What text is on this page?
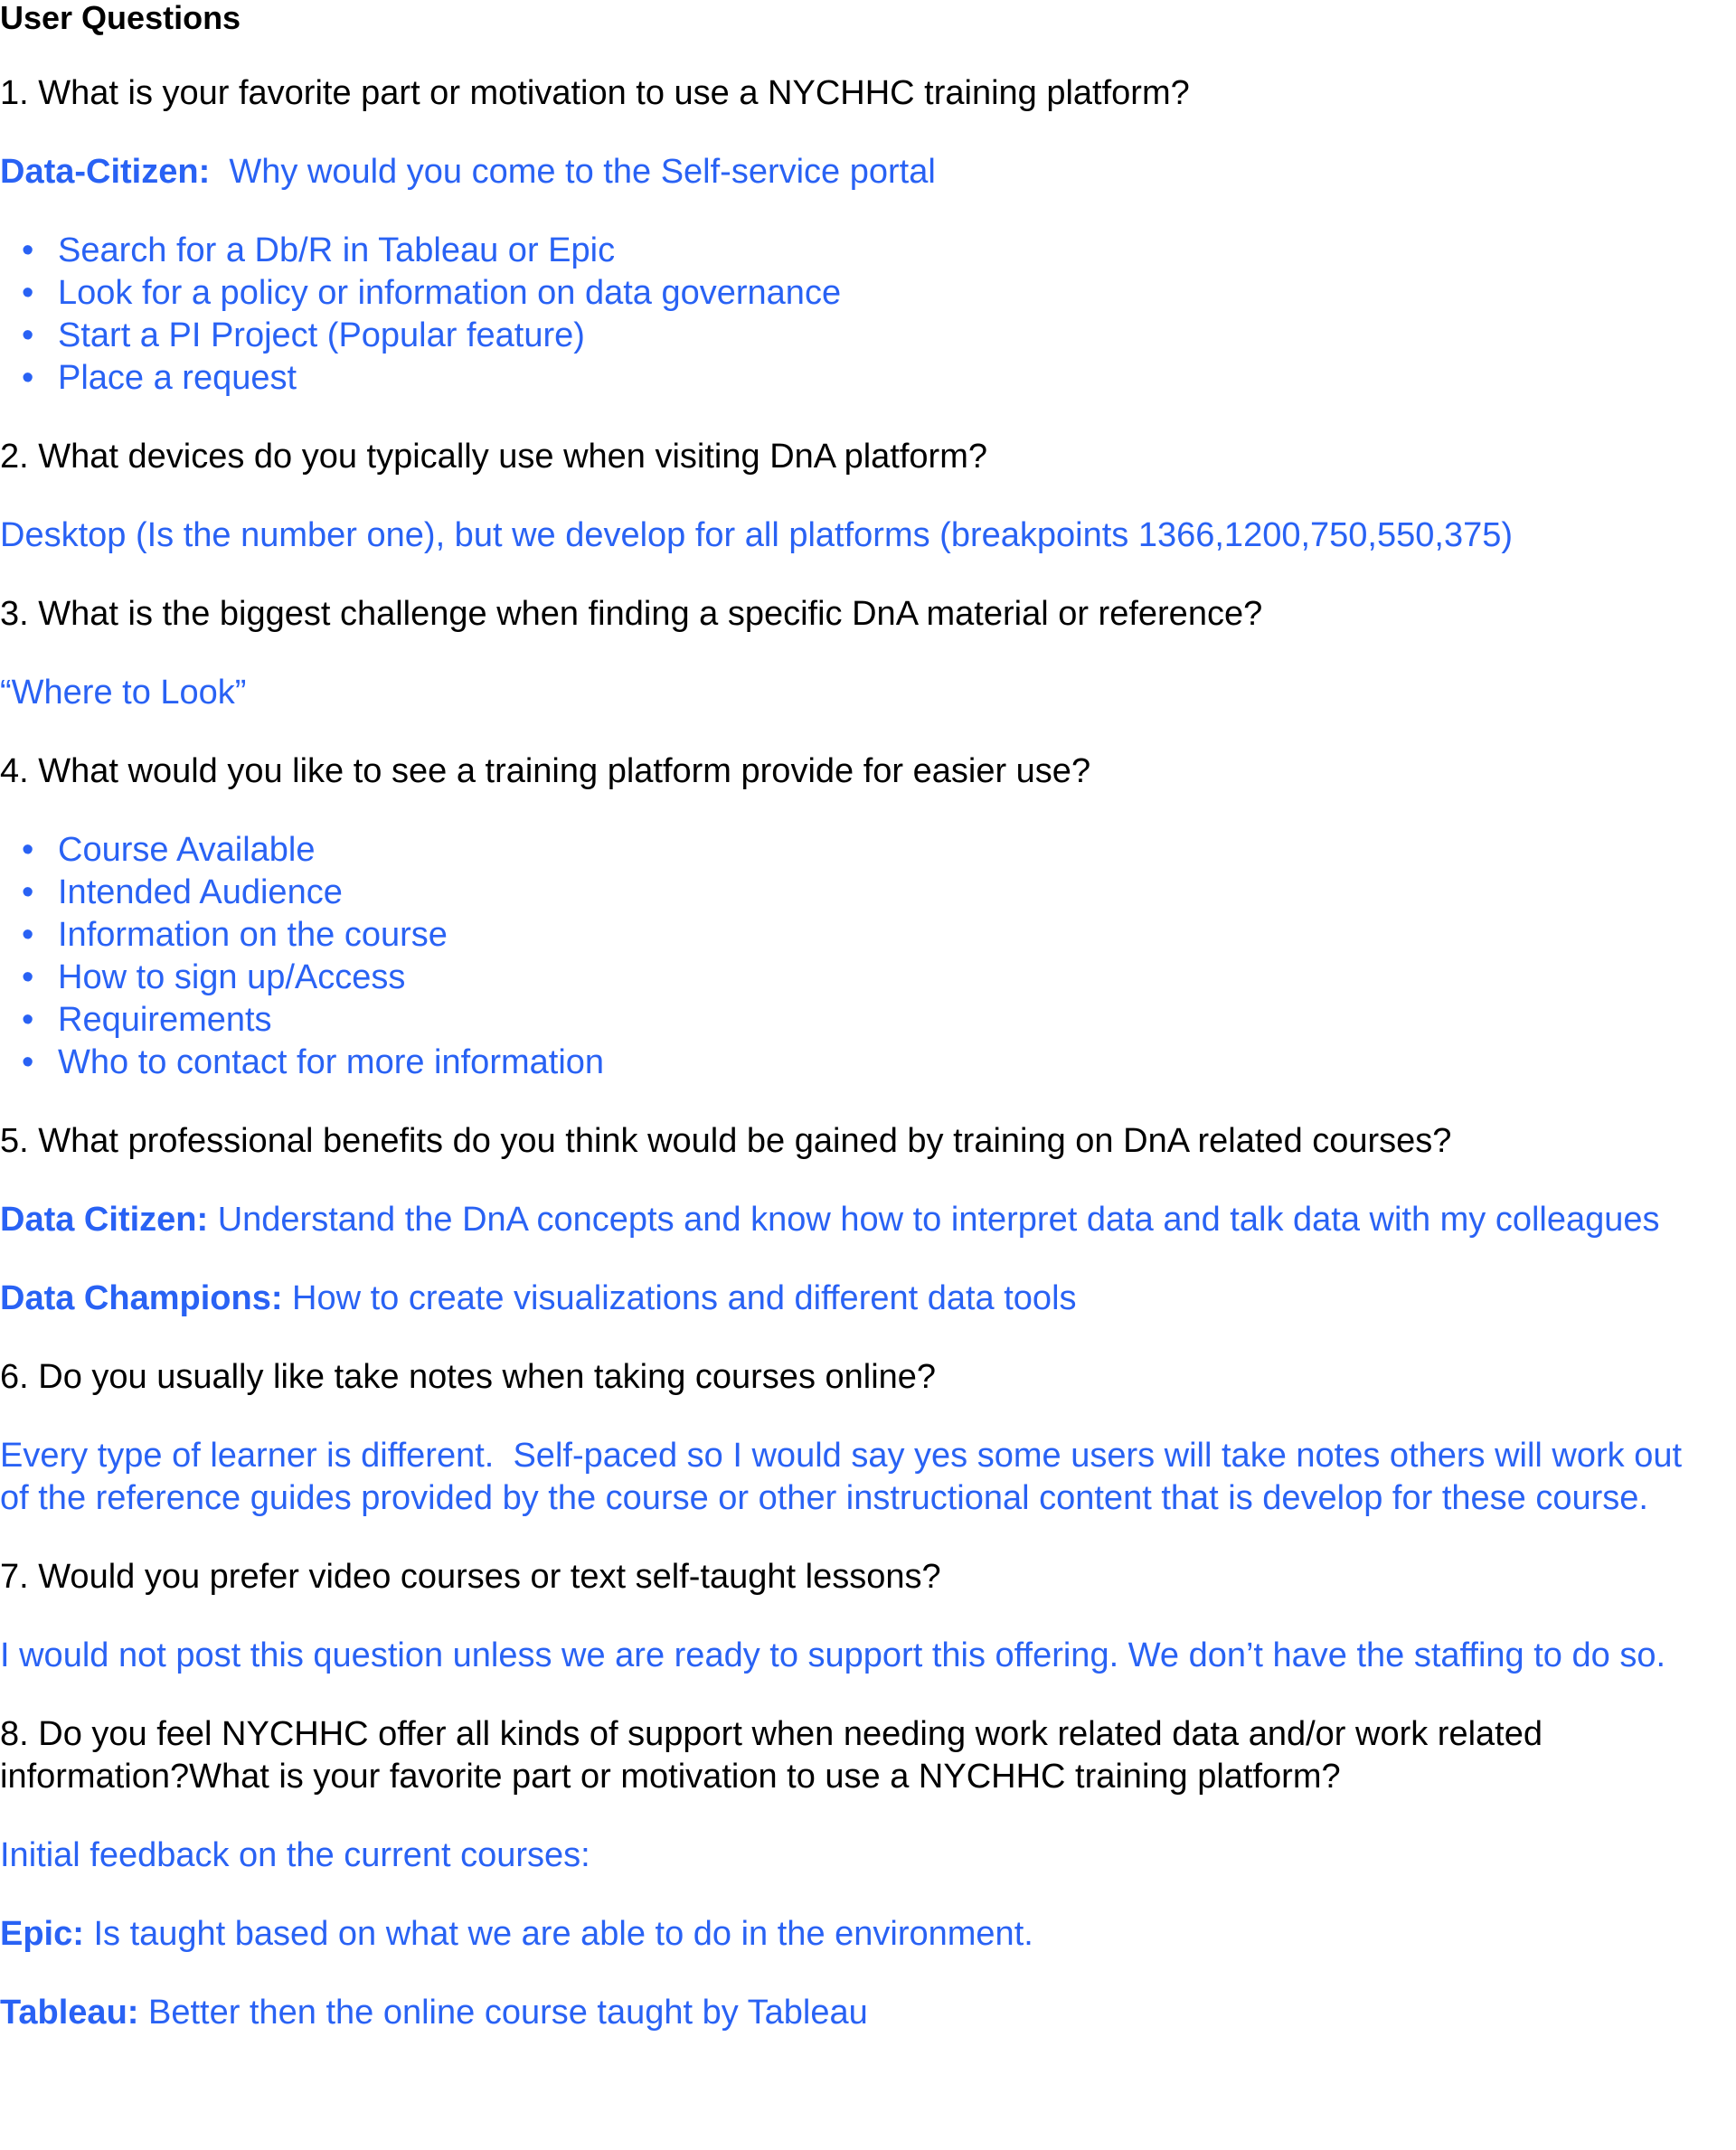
User Questions
1. What is your favorite part or motivation to use a NYCHHC training platform?
Data-Citizen:  Why would you come to the Self-service portal
• Search for a Db/R in Tableau or Epic
• Look for a policy or information on data governance
• Start a PI Project (Popular feature)
• Place a request
2. What devices do you typically use when visiting DnA platform?
Desktop (Is the number one), but we develop for all platforms (breakpoints 1366,1200,750,550,375)
3. What is the biggest challenge when finding a specific DnA material or reference?
“Where to Look”
4. What would you like to see a training platform provide for easier use?
• Course Available
• Intended Audience
• Information on the course
• How to sign up/Access
• Requirements
• Who to contact for more information
5. What professional benefits do you think would be gained by training on DnA related courses?
Data Citizen: Understand the DnA concepts and know how to interpret data and talk data with my colleagues
Data Champions: How to create visualizations and different data tools
6. Do you usually like take notes when taking courses online?
Every type of learner is different.  Self-paced so I would say yes some users will take notes others will work out of the reference guides provided by the course or other instructional content that is develop for these course.
7. Would you prefer video courses or text self-taught lessons?
I would not post this question unless we are ready to support this offering. We don’t have the staffing to do so.
8. Do you feel NYCHHC offer all kinds of support when needing work related data and/or work related information?What is your favorite part or motivation to use a NYCHHC training platform?
Initial feedback on the current courses:
Epic: Is taught based on what we are able to do in the environment.
Tableau: Better then the online course taught by Tableau
